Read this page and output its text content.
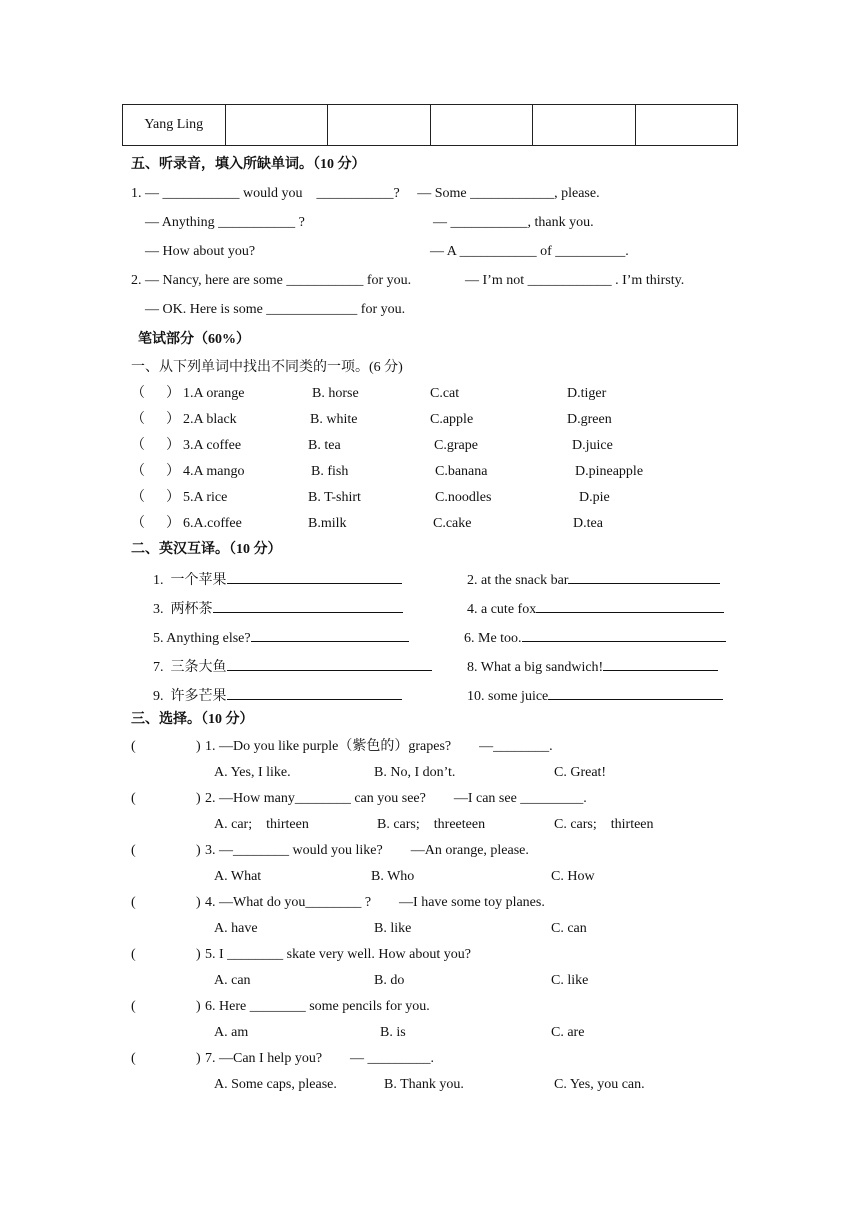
Yang Ling					
五、听录音，填入所缺单词。（10 分）
1. — ___________ would you    ___________?     — Some ____________, please.
— Anything ___________ ?	— ___________, thank you.
— How about you?	— A ___________ of __________.
2. — Nancy, here are some ___________ for you.	— I’m not ____________ . I’m thirsty.
— OK. Here is some _____________ for you.
笔试部分（60%）
一、从下列单词中找出不同类的一项。(6 分)
（      ） 1.A orange	B. horse	C.cat	D.tiger
（      ） 2.A black	B. white	C.apple	D.green
（      ） 3.A coffee	B. tea	C.grape	D.juice
（      ） 4.A mango	B. fish	C.banana	D.pineapple
（      ） 5.A rice	B. T-shirt	C.noodles	D.pie
（      ） 6.A.coffee	B.milk	C.cake	D.tea
二、英汉互译。（10 分）
1.  一个苹果	2. at the snack bar
3.  两杯茶	4. a cute fox
5. Anything else?	6. Me too.
7.  三条大鱼	8. What a big sandwich!
9.  许多芒果	10. some juice
三、选择。（10 分）
(	) 1. —Do you like purple（紫色的）grapes?        —________.
A. Yes, I like.	B. No, I don’t.	C. Great!
(	) 2. —How many________ can you see?        —I can see _________.
A. car;    thirteen	B. cars;    threeteen	C. cars;    thirteen
(	) 3. —________ would you like?        —An orange, please.
A. What	B. Who	C. How
(	) 4. —What do you________ ?        —I have some toy planes.
A. have	B. like	C. can
(	) 5. I ________ skate very well. How about you?
A. can	B. do	C. like
(	) 6. Here ________ some pencils for you.
A. am	B. is	C. are
(	) 7. —Can I help you?        — _________.
A. Some caps, please.	B. Thank you.	C. Yes, you can.
